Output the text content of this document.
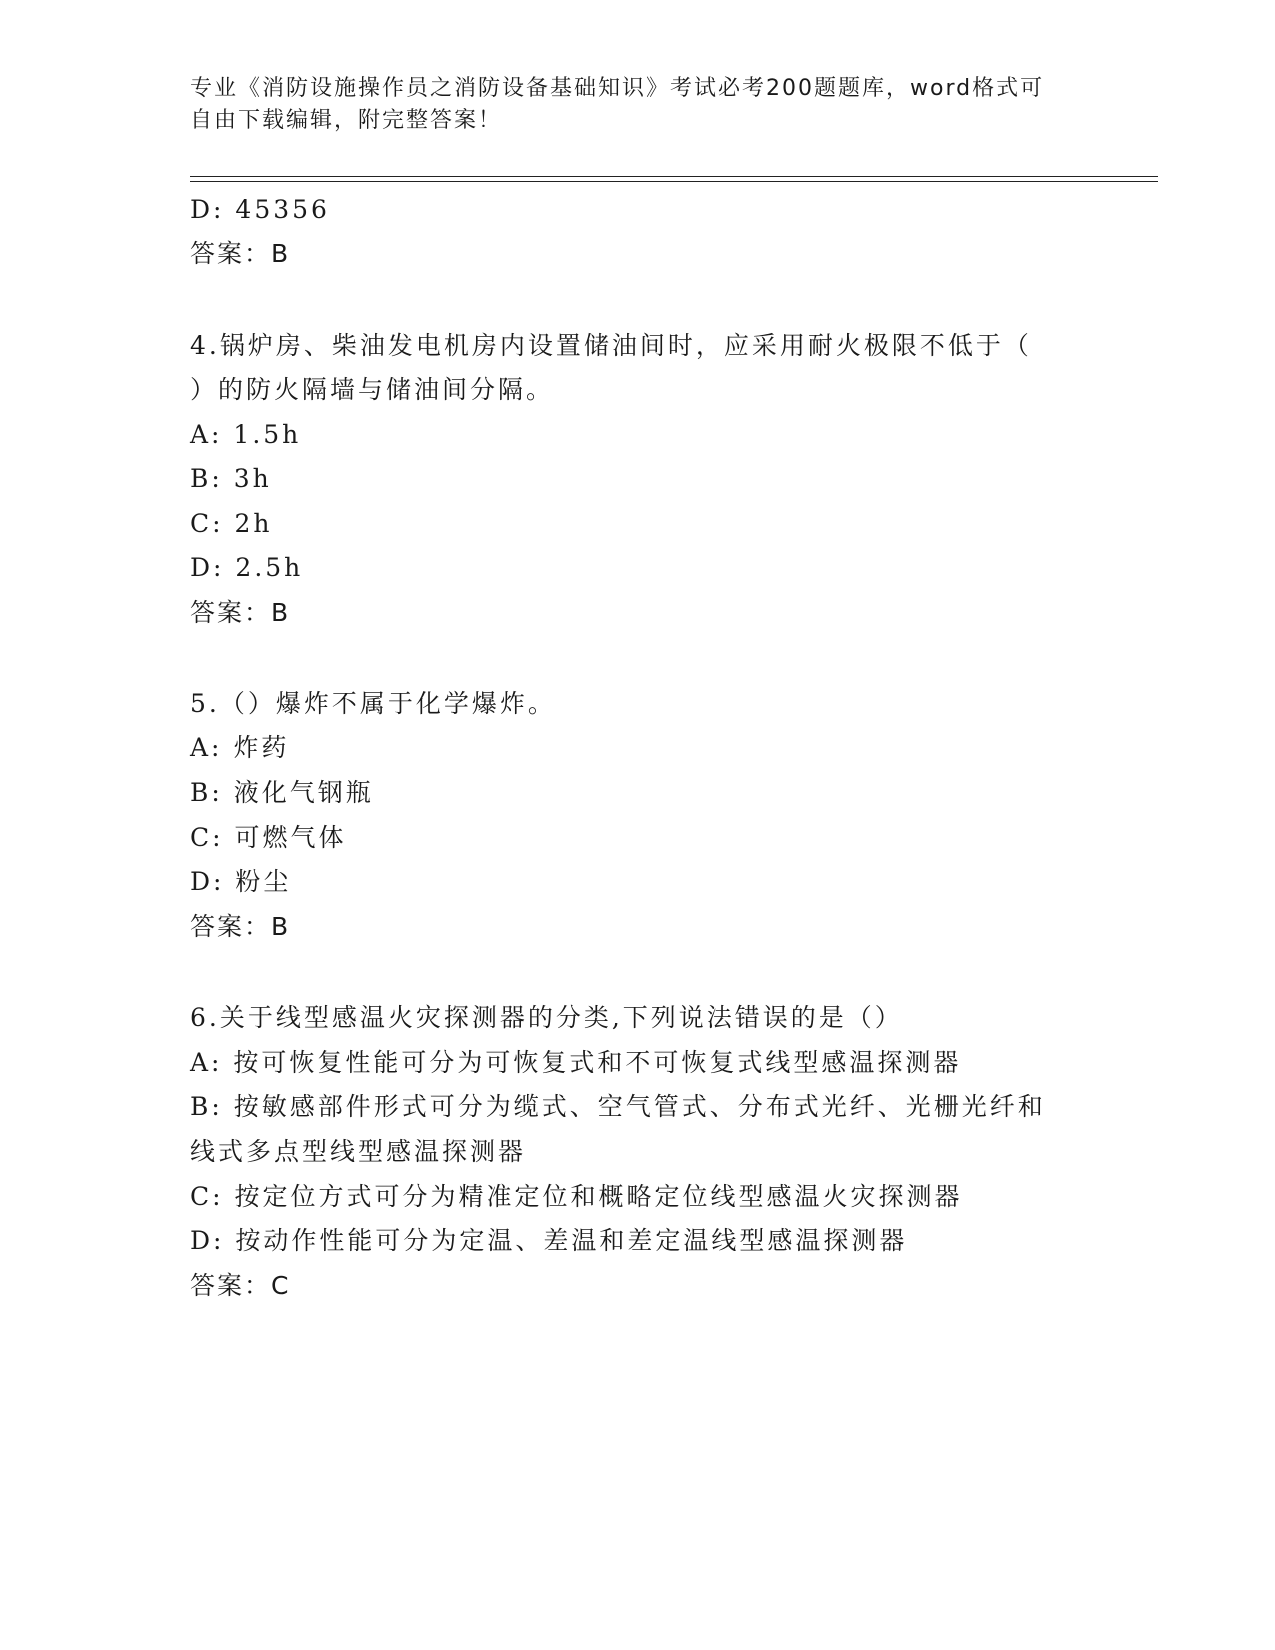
专业《消防设施操作员之消防设备基础知识》考试必考200题题库，word格式可
自由下载编辑，附完整答案！
D: 45356
答案：B
4.锅炉房、柴油发电机房内设置储油间时，应采用耐火极限不低于（
）的防火隔墙与储油间分隔。
A: 1.5h
B: 3h
C: 2h
D: 2.5h
答案：B
5.（）爆炸不属于化学爆炸。
A: 炸药
B: 液化气钢瓶
C: 可燃气体
D: 粉尘
答案：B
6.关于线型感温火灾探测器的分类,下列说法错误的是（）
A: 按可恢复性能可分为可恢复式和不可恢复式线型感温探测器
B: 按敏感部件形式可分为缆式、空气管式、分布式光纤、光栅光纤和
线式多点型线型感温探测器
C: 按定位方式可分为精准定位和概略定位线型感温火灾探测器
D: 按动作性能可分为定温、差温和差定温线型感温探测器
答案：C
